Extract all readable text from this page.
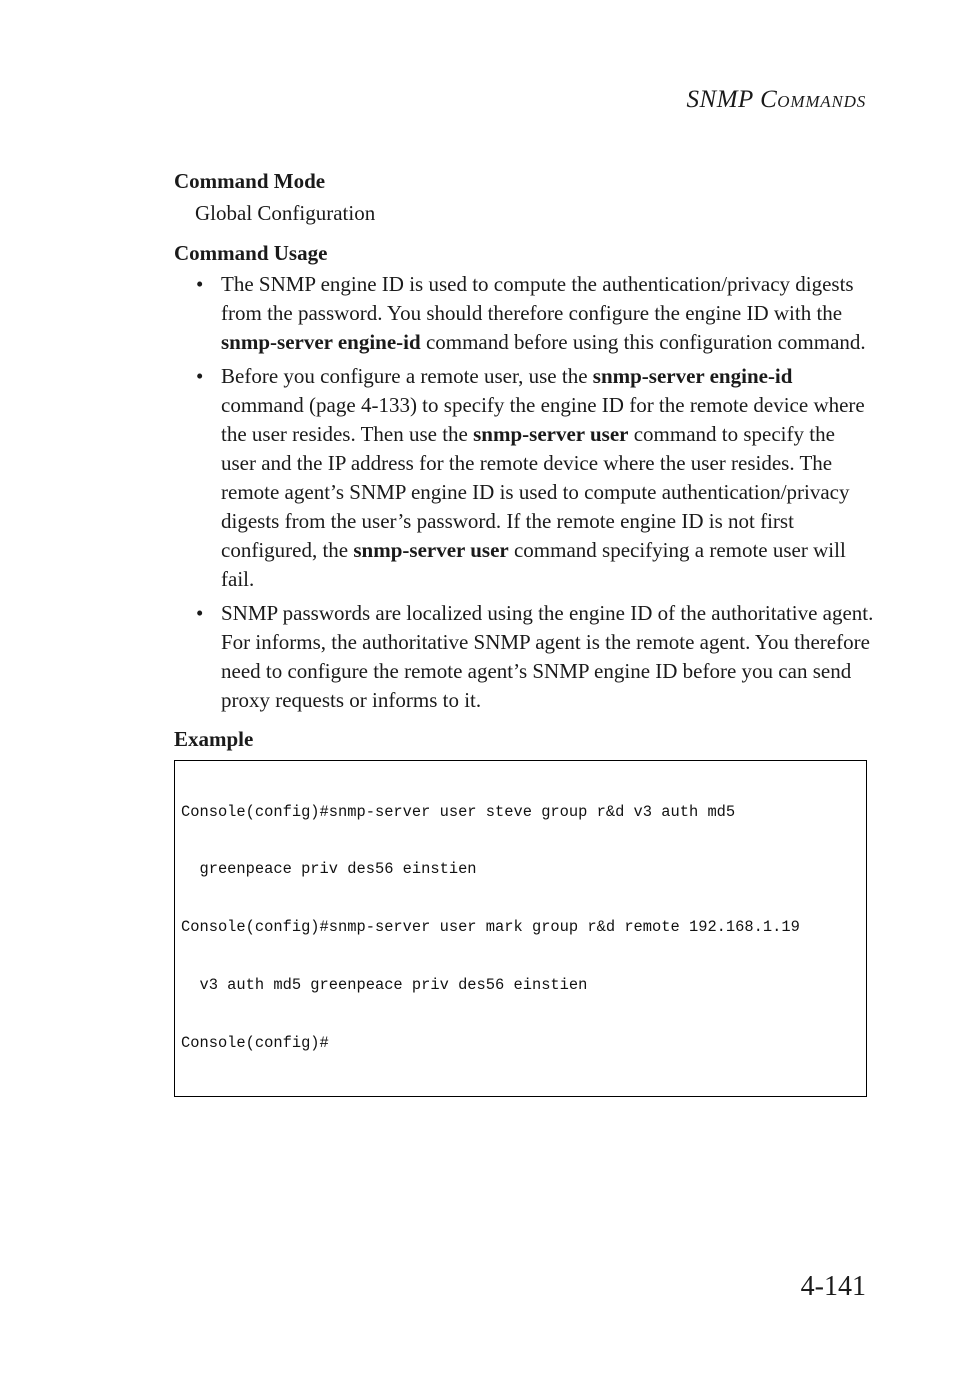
SNMP COMMANDS
Command Mode

Global Configuration

Command Usage
• The SNMP engine ID is used to compute the authentication/privacy digests from the password. You should therefore configure the engine ID with the snmp-server engine-id command before using this configuration command.
• Before you configure a remote user, use the snmp-server engine-id command (page 4-133) to specify the engine ID for the remote device where the user resides. Then use the snmp-server user command to specify the user and the IP address for the remote device where the user resides. The remote agent’s SNMP engine ID is used to compute authentication/privacy digests from the user’s password. If the remote engine ID is not first configured, the snmp-server user command specifying a remote user will fail.
• SNMP passwords are localized using the engine ID of the authoritative agent. For informs, the authoritative SNMP agent is the remote agent. You therefore need to configure the remote agent’s SNMP engine ID before you can send proxy requests or informs to it.
Example

Console(config)#snmp-server user steve group r&d v3 auth md5

greenpeace priv des56 einstien

Console(config)#snmp-server user mark group r&d remote 192.168.1.19

v3 auth md5 greenpeace priv des56 einstien

Console(config)#

4-141
